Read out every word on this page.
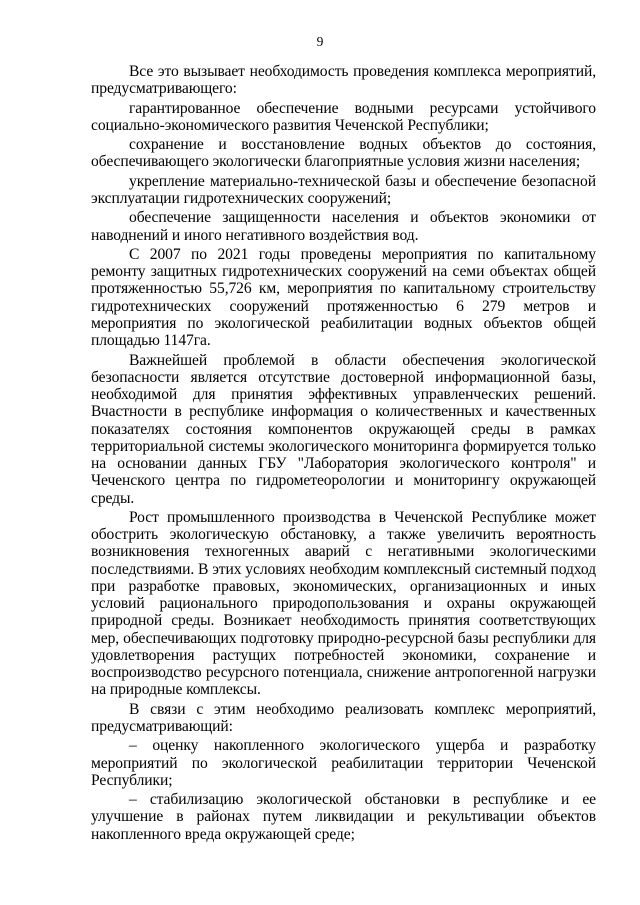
9

Все это вызывает необходимость проведения комплекса мероприятий, предусматривающего:

гарантированное обеспечение водными ресурсами устойчивого социально-экономического развития Чеченской Республики;

сохранение и восстановление водных объектов до состояния, обеспечивающего экологически благоприятные условия жизни населения;

укрепление материально-технической базы и обеспечение безопасной эксплуатации гидротехнических сооружений;

обеспечение защищенности населения и объектов экономики от наводнений и иного негативного воздействия вод.

С 2007 по 2021 годы проведены мероприятия по капитальному ремонту защитных гидротехнических сооружений на семи объектах общей протяженностью 55,726 км, мероприятия по капитальному строительству гидротехнических сооружений протяженностью 6 279 метров и мероприятия по экологической реабилитации водных объектов общей площадью 1147га.

Важнейшей проблемой в области обеспечения экологической безопасности является отсутствие достоверной информационной базы, необходимой для принятия эффективных управленческих решений. Вчастности в республике информация о количественных и качественных показателях состояния компонентов окружающей среды в рамках территориальной системы экологического мониторинга формируется только на основании данных ГБУ "Лаборатория экологического контроля" и Чеченского центра по гидрометеорологии и мониторингу окружающей среды.

Рост промышленного производства в Чеченской Республике может обострить экологическую обстановку, а также увеличить вероятность возникновения техногенных аварий с негативными экологическими последствиями. В этих условиях необходим комплексный системный подход при разработке правовых, экономических, организационных и иных условий рационального природопользования и охраны окружающей природной среды. Возникает необходимость принятия соответствующих мер, обеспечивающих подготовку природно-ресурсной базы республики для удовлетворения растущих потребностей экономики, сохранение и воспроизводство ресурсного потенциала, снижение антропогенной нагрузки на природные комплексы.

В связи с этим необходимо реализовать комплекс мероприятий, предусматривающий:

– оценку накопленного экологического ущерба и разработку мероприятий по экологической реабилитации территории Чеченской Республики;

– стабилизацию экологической обстановки в республике и ее улучшение в районах путем ликвидации и рекультивации объектов накопленного вреда окружающей среде;
